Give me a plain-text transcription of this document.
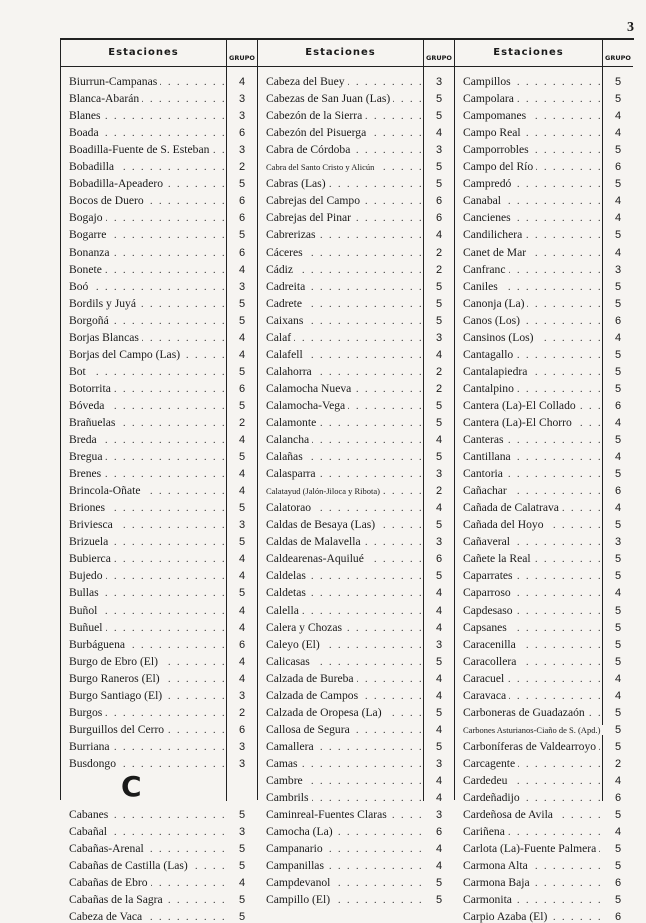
3
Estaciones	GRUPO
Biurrun-Campanas . . .	4
Blanca-Abarán . . .	3
Blanes . . .	3
Boada . . .	6
Boadilla-Fuente de S. Esteban . . .	3
Bobadilla . . .	2
Bobadilla-Apeadero . . .	5
Bocos de Duero . . .	6
Bogajo . . .	6
Bogarre . . .	5
Bonanza . . .	6
Bonete . . .	4
Boó . . .	3
Bordils y Juyá . . .	5
Borgoñá . . .	5
Borjas Blancas . . .	4
Borjas del Campo (Las) . . .	4
Bot . . .	5
Botorrita . . .	6
Bóveda . . .	5
Brañuelas . . .	2
Breda . . .	4
Bregua . . .	5
Brenes . . .	4
Brincola-Oñate . . .	4
Briones . . .	5
Briviesca . . .	3
Brizuela . . .	5
Bubierca . . .	4
Bujedo . . .	4
Bullas . . .	5
Buñol . . .	4
Buñuel . . .	4
Burbáguena . . .	6
Burgo de Ebro (El) . . .	4
Burgo Raneros (El) . . .	4
Burgo Santiago (El) . . .	3
Burgos . . .	2
Burguillos del Cerro . . .	6
Burriana . . .	3
Busdongo . . .	3
C
Cabanes . . .	5
Cabañal . . .	3
Cabañas-Arenal . . .	5
Cabañas de Castilla (Las) . . .	5
Cabañas de Ebro . . .	4
Cabañas de la Sagra . . .	5
Cabeza de Vaca . . .	5
Estaciones	GRUPO
Cabeza del Buey . . .	3
Cabezas de San Juan (Las) . . .	5
Cabezón de la Sierra . . .	5
Cabezón del Pisuerga . . .	4
Cabra de Córdoba . . .	3
Cabra del Santo Cristo y Alicún . . .	5
Cabras (Las) . . .	5
Cabrejas del Campo . . .	6
Cabrejas del Pinar . . .	6
Cabrerizas . . .	4
Cáceres . . .	2
Cádiz . . .	2
Cadreita . . .	5
Cadrete . . .	5
Caixans . . .	5
Calaf . . .	3
Calafell . . .	4
Calahorra . . .	2
Calamocha Nueva . . .	2
Calamocha-Vega . . .	5
Calamonte . . .	5
Calancha . . .	4
Calañas . . .	5
Calasparra . . .	3
Calatayud (Jalón-Jiloca y Ribota) . . .	2
Calatorao . . .	4
Caldas de Besaya (Las) . . .	5
Caldas de Malavella . . .	3
Caldearenas-Aquilué . . .	6
Caldelas . . .	5
Caldetas . . .	4
Calella . . .	4
Calera y Chozas . . .	4
Caleyo (El) . . .	3
Calicasas . . .	5
Calzada de Bureba . . .	4
Calzada de Campos . . .	4
Calzada de Oropesa (La) . . .	5
Callosa de Segura . . .	4
Camallera . . .	5
Camas . . .	3
Cambre . . .	4
Cambrils . . .	4
Caminreal-Fuentes Claras . . .	3
Camocha (La) . . .	6
Campanario . . .	4
Campanillas . . .	4
Campdevanol . . .	5
Campillo (El) . . .	5
Estaciones	GRUPO
Campillos . . .	5
Campolara . . .	5
Campomanes . . .	4
Campo Real . . .	4
Camporrobles . . .	5
Campo del Río . . .	6
Campredó . . .	5
Canabal . . .	4
Cancienes . . .	4
Candilichera . . .	5
Canet de Mar . . .	4
Canfranc . . .	3
Caniles . . .	5
Canonja (La) . . .	5
Canos (Los) . . .	6
Cansinos (Los) . . .	4
Cantagallo . . .	5
Cantalapiedra . . .	5
Cantalpino . . .	5
Cantera (La)-El Collado . . .	6
Cantera (La)-El Chorro . . .	4
Canteras . . .	5
Cantillana . . .	4
Cantoria . . .	5
Cañachar . . .	6
Cañada de Calatrava . . .	4
Cañada del Hoyo . . .	5
Cañaveral . . .	3
Cañete la Real . . .	5
Caparrates . . .	5
Caparroso . . .	4
Capdesaso . . .	5
Capsanes . . .	5
Caracenilla . . .	5
Caracollera . . .	5
Caracuel . . .	4
Caravaca . . .	4
Carboneras de Guadazaón . . .	5
Carbones Asturianos-Ciaño de S. (Apd.) . . .	5
Carboníferas de Valdearroyo . . .	5
Carcagente . . .	2
Cardedeu . . .	4
Cardeñadijo . . .	6
Cardeñosa de Avila . . .	5
Cariñena . . .	4
Carlota (La)-Fuente Palmera . . .	5
Carmona Alta . . .	5
Carmona Baja . . .	6
Carmonita . . .	5
Carpio Azaba (El) . . .	6
